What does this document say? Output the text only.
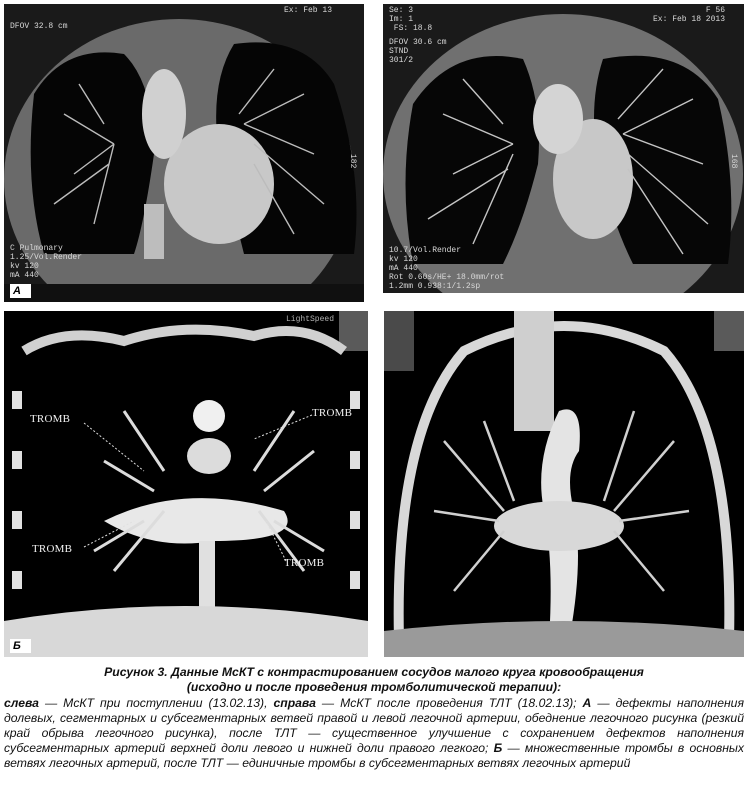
DFOV 32.8 cm
Ex: Feb 13
C Pulmonary
1.25/Vol.Render
kv 120
mA 440
182
А
Se: 3
Im: 1
FS: 18.8
F 56
Ex: Feb 18 2013
DFOV 30.6 cm
STND
301/2
10.7/Vol.Render
kv 120
mA 440
Rot 0.60s/HE+ 18.0mm/rot
1.2mm 0.938:1/1.2sp
168
TROMB	TROMB
TROMB
TROMB
LightSpeed
Б
Рисунок 3. Данные МсКТ с контрастированием сосудов малого круга кровообращения
(исходно и после проведения тромболитической терапии):
слева — МсКТ при поступлении (13.02.13), справа — МсКТ после проведения ТЛТ (18.02.13); А — дефекты наполнения долевых, сегментарных и субсегментарных ветвей правой и левой легочной артерии, обеднение легочного рисунка (резкий край обрыва легочного рисунка), после ТЛТ — существенное улучшение с сохранением дефектов наполнения субсегментарных артерий верхней доли левого и нижней доли правого легкого; Б — множественные тромбы в основных ветвях легочных артерий, после ТЛТ — единичные тромбы в субсегментарных ветвях легочных артерий
